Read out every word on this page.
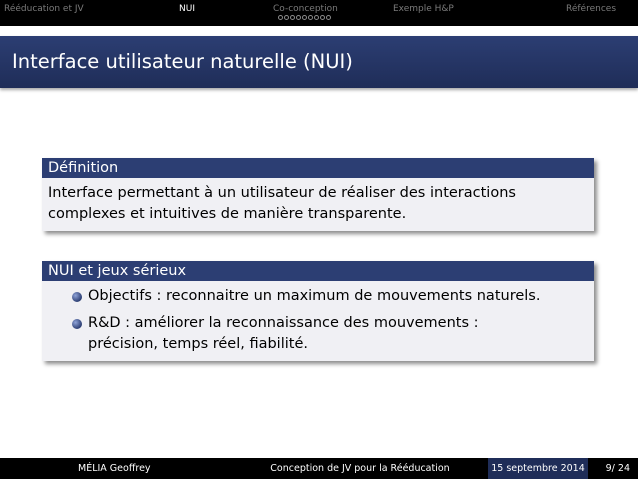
Rééducation et JV	NUI	Co-conception	Exemple H&P	Références
Interface utilisateur naturelle (NUI)
Définition
Interface permettant à un utilisateur de réaliser des interactions
complexes et intuitives de manière transparente.
NUI et jeux sérieux
Objectifs : reconnaitre un maximum de mouvements naturels.
R&D : améliorer la reconnaissance des mouvements :
précision, temps réel, fiabilité.
MÉLIA Geoffrey	Conception de JV pour la Rééducation	15 septembre 2014	9/ 24
